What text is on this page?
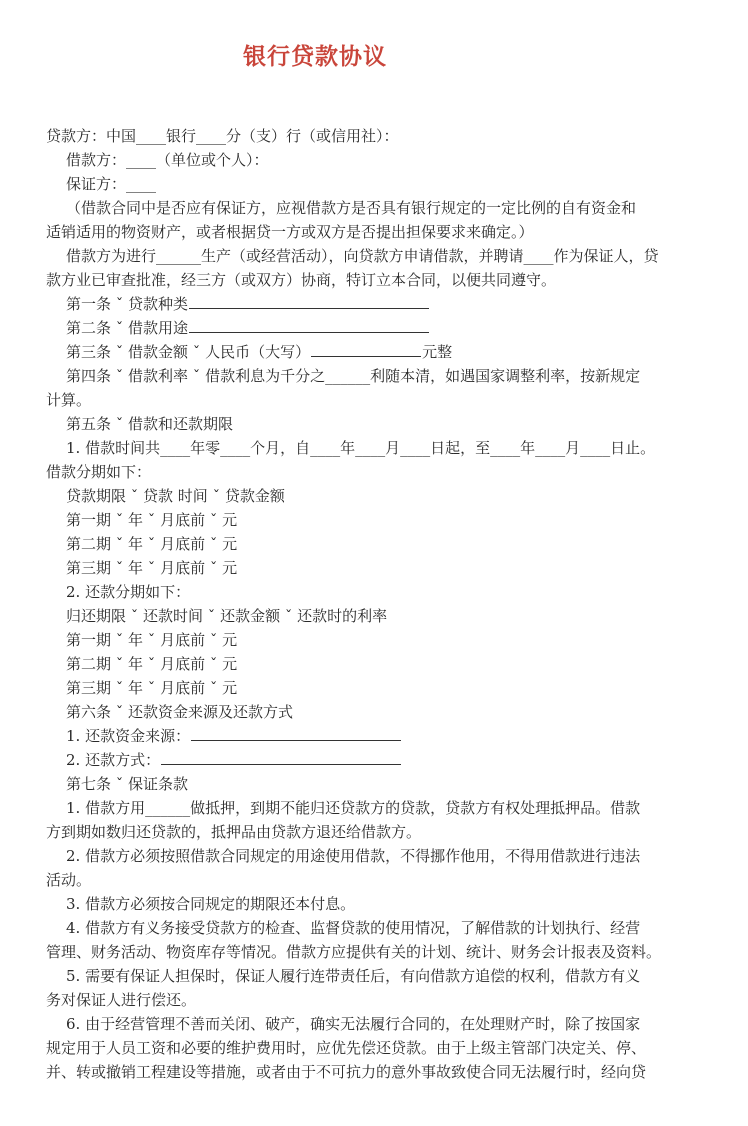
银行贷款协议
贷款方：中国____银行____分（支）行（或信用社）：
借款方：____（单位或个人）：
保证方：____
（借款合同中是否应有保证方，应视借款方是否具有银行规定的一定比例的自有资金和
适销适用的物资财产，或者根据贷一方或双方是否提出担保要求来确定。）
借款方为进行______生产（或经营活动），向贷款方申请借款，并聘请____作为保证人，贷
款方业已审查批准，经三方（或双方）协商，特订立本合同，以便共同遵守。
第一条 ˇ 贷款种类
第二条 ˇ 借款用途
第三条 ˇ 借款金额 ˇ 人民币（大写）	元整
第四条 ˇ 借款利率 ˇ 借款利息为千分之______利随本清，如遇国家调整利率，按新规定
计算。
第五条 ˇ 借款和还款期限
1. 借款时间共____年零____个月，自____年____月____日起，至____年____月____日止。
借款分期如下：
贷款期限 ˇ 贷款 时间 ˇ 贷款金额
第一期 ˇ 年 ˇ 月底前 ˇ 元
第二期 ˇ 年 ˇ 月底前 ˇ 元
第三期 ˇ 年 ˇ 月底前 ˇ 元
2. 还款分期如下：
归还期限 ˇ 还款时间 ˇ 还款金额 ˇ 还款时的利率
第一期 ˇ 年 ˇ 月底前 ˇ 元
第二期 ˇ 年 ˇ 月底前 ˇ 元
第三期 ˇ 年 ˇ 月底前 ˇ 元
第六条 ˇ 还款资金来源及还款方式
1. 还款资金来源：
2. 还款方式：
第七条 ˇ 保证条款
1. 借款方用______做抵押，到期不能归还贷款方的贷款，贷款方有权处理抵押品。借款
方到期如数归还贷款的，抵押品由贷款方退还给借款方。
2. 借款方必须按照借款合同规定的用途使用借款，不得挪作他用，不得用借款进行违法
活动。
3. 借款方必须按合同规定的期限还本付息。
4. 借款方有义务接受贷款方的检查、监督贷款的使用情况，了解借款的计划执行、经营
管理、财务活动、物资库存等情况。借款方应提供有关的计划、统计、财务会计报表及资料。
5. 需要有保证人担保时，保证人履行连带责任后，有向借款方追偿的权利，借款方有义
务对保证人进行偿还。
6. 由于经营管理不善而关闭、破产，确实无法履行合同的，在处理财产时，除了按国家
规定用于人员工资和必要的维护费用时，应优先偿还贷款。由于上级主管部门决定关、停、
并、转或撤销工程建设等措施，或者由于不可抗力的意外事故致使合同无法履行时，经向贷
